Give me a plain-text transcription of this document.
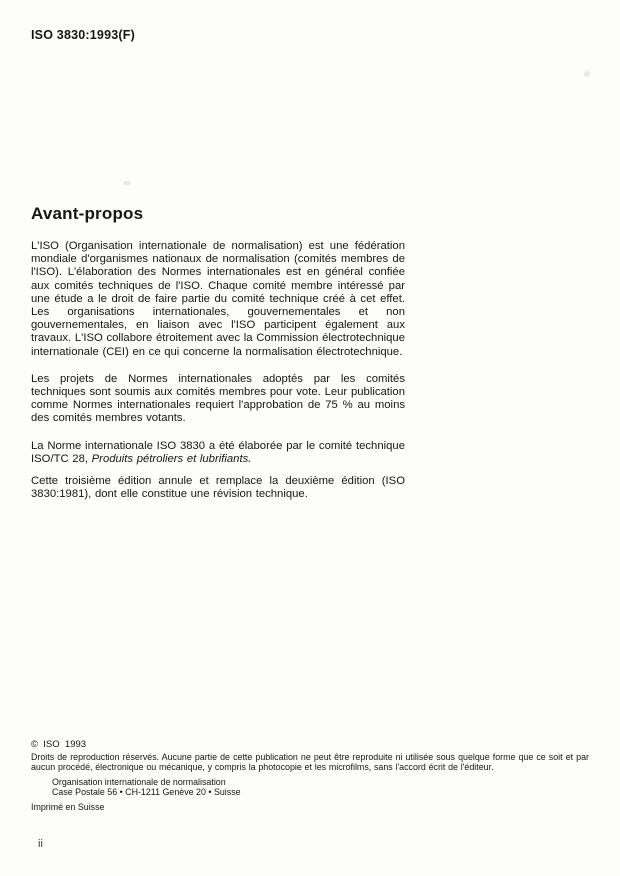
ISO 3830:1993(F)
Avant-propos

L'ISO (Organisation internationale de normalisation) est une fédération mondiale d'organismes nationaux de normalisation (comités membres de l'ISO). L'élaboration des Normes internationales est en général confiée aux comités techniques de l'ISO. Chaque comité membre intéressé par une étude a le droit de faire partie du comité technique créé à cet effet. Les organisations internationales, gouvernementales et non gouvernementales, en liaison avec l'ISO participent également aux travaux. L'ISO collabore étroitement avec la Commission électrotechnique internationale (CEI) en ce qui concerne la normalisation électrotechnique.

Les projets de Normes internationales adoptés par les comités techniques sont soumis aux comités membres pour vote. Leur publication comme Normes internationales requiert l'approbation de 75 % au moins des comités membres votants.

La Norme internationale ISO 3830 a été élaborée par le comité technique ISO/TC 28, Produits pétroliers et lubrifiants.

Cette troisième édition annule et remplace la deuxième édition (ISO 3830:1981), dont elle constitue une révision technique.

©  ISO  1993

Droits de reproduction réservés. Aucune partie de cette publication ne peut être reproduite ni utilisée sous quelque forme que ce soit et par aucun procédé, électronique ou mécanique, y compris la photocopie et les microfilms, sans l'accord écrit de l'éditeur.

Organisation internationale de normalisation
Case Postale 56 • CH-1211 Genève 20 • Suisse
Imprimé en Suisse
ii
